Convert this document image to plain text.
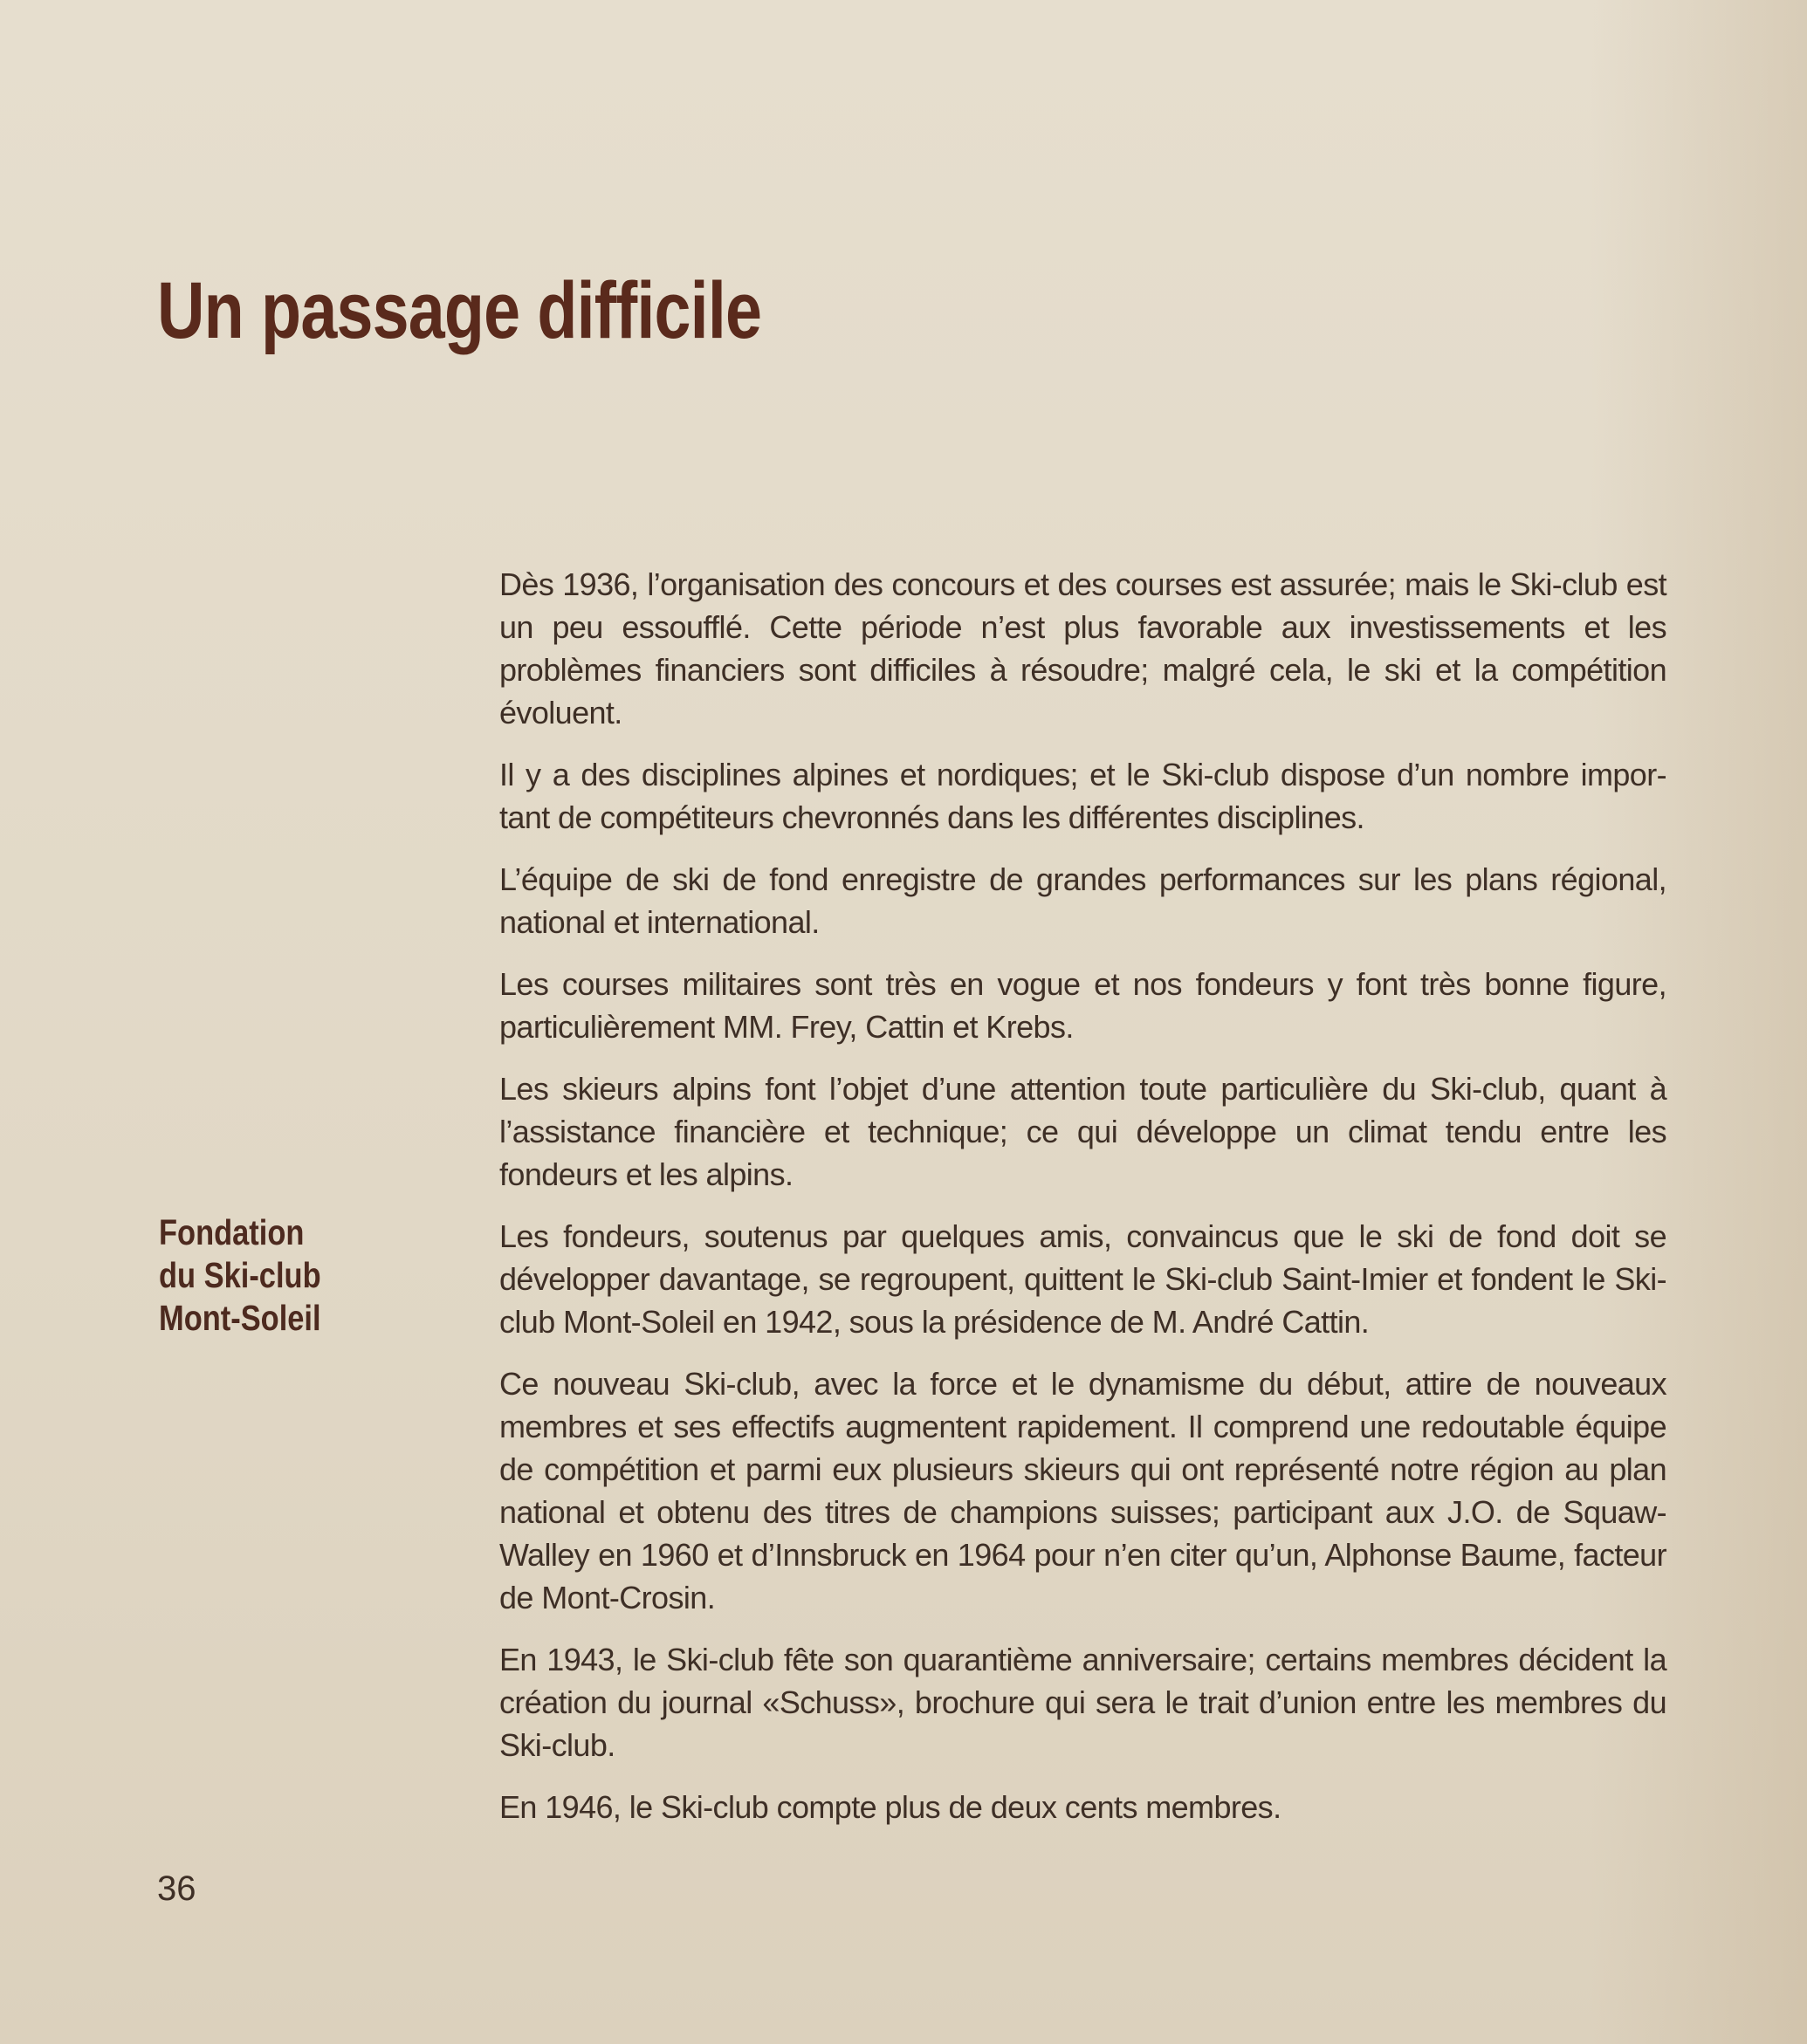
Un passage difficile
Fondation
du Ski-club
Mont-Soleil

Dès 1936, l’organisation des concours et des courses est assurée; mais le Ski-club est un peu essoufflé. Cette période n’est plus favorable aux investissements et les problèmes financiers sont difficiles à résoudre; malgré cela, le ski et la compétition évoluent.

Il y a des disciplines alpines et nordiques; et le Ski-club dispose d’un nombre impor-tant de compétiteurs chevronnés dans les différentes disciplines.

L’équipe de ski de fond enregistre de grandes performances sur les plans régional, national et international.

Les courses militaires sont très en vogue et nos fondeurs y font très bonne figure, particulièrement MM. Frey, Cattin et Krebs.

Les skieurs alpins font l’objet d’une attention toute particulière du Ski-club, quant à l’assistance financière et technique; ce qui développe un climat tendu entre les fondeurs et les alpins.

Les fondeurs, soutenus par quelques amis, convaincus que le ski de fond doit se développer davantage, se regroupent, quittent le Ski-club Saint-Imier et fondent le Ski-club Mont-Soleil en 1942, sous la présidence de M. André Cattin.

Ce nouveau Ski-club, avec la force et le dynamisme du début, attire de nouveaux membres et ses effectifs augmentent rapidement. Il comprend une redoutable équipe de compétition et parmi eux plusieurs skieurs qui ont représenté notre région au plan national et obtenu des titres de champions suisses; participant aux J.O. de Squaw-Walley en 1960 et d’Innsbruck en 1964 pour n’en citer qu’un, Alphonse Baume, facteur de Mont-Crosin.

En 1943, le Ski-club fête son quarantième anniversaire; certains membres décident la création du journal «Schuss», brochure qui sera le trait d’union entre les membres du Ski-club.

En 1946, le Ski-club compte plus de deux cents membres.

36
